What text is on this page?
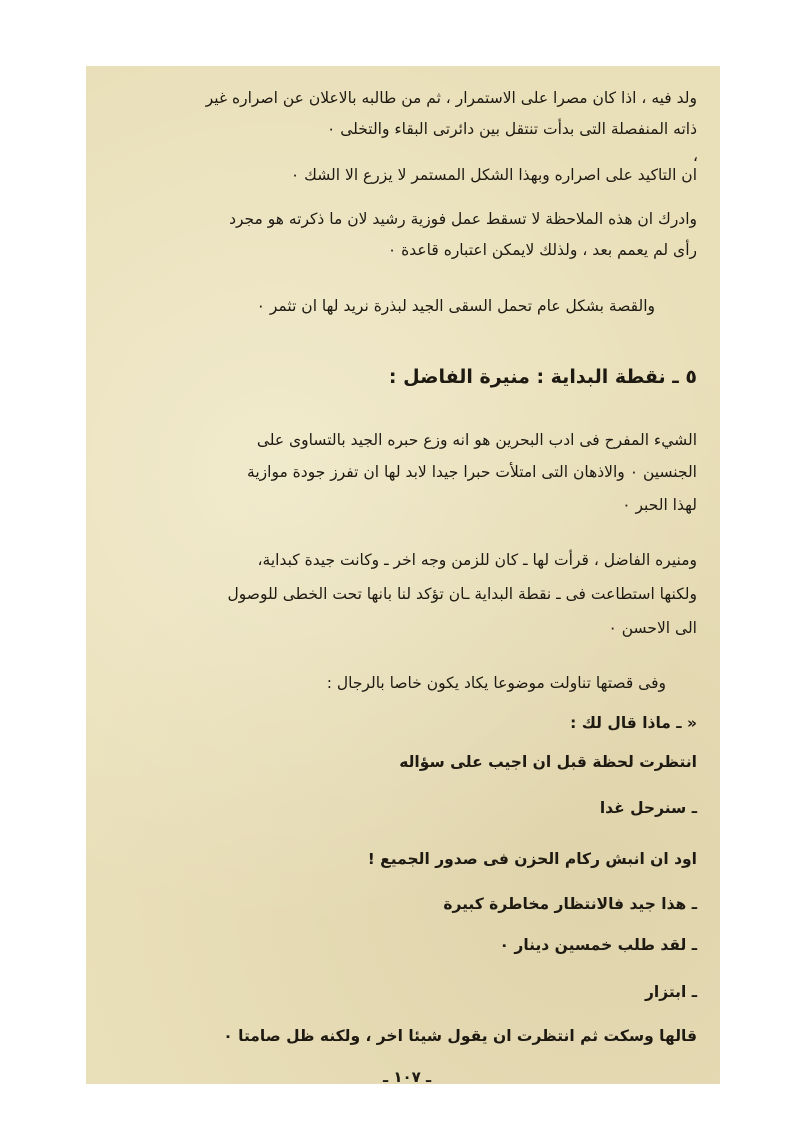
ولد فيه ، اذا كان مصرا على الاستمرار ، ثم من طالبه بالاعلان عن اصراره غير
ذاته المنفصلة التى بدأت تنتقل بين دائرتى البقاء والتخلى ٠
،
ان التاكيد على اصراره وبهذا الشكل المستمر لا يزرع الا الشك ٠
وادرك ان هذه الملاحظة لا تسقط عمل فوزية رشيد لان ما ذكرته هو مجرد
رأى لم يعمم بعد ، ولذلك لايمكن اعتباره قاعدة ٠
والقصة بشكل عام تحمل السقى الجيد لبذرة نريد لها ان تثمر ٠
٥ ـ نقطة البداية : منيرة الفاضل :
الشيء المفرح فى ادب البحرين هو انه وزع حبره الجيد بالتساوى على
الجنسين ٠ والاذهان التى امتلأت حبرا جيدا لابد لها ان تفرز جودة موازية
لهذا الحبر ٠
ومنيره الفاضل ، قرأت لها ـ كان للزمن وجه اخر ـ وكانت جيدة كبداية،
ولكنها استطاعت فى ـ نقطة البداية ـان تؤكد لنا بانها تحت الخطى للوصول
الى الاحسن ٠
وفى قصتها تناولت موضوعا يكاد يكون خاصا بالرجال :
« ـ ماذا قال لك :
انتظرت لحظة قبل ان اجيب على سؤاله
ـ سنرحل غدا
اود ان انبش ركام الحزن فى صدور الجميع !
ـ هذا جيد فالانتظار مخاطرة كبيرة
ـ لقد طلب خمسين دينار ٠
ـ ابتزار
قالها وسكت ثم انتظرت ان يقول شيئا اخر ، ولكنه ظل صامتا ٠
ـ ١٠٧ ـ
